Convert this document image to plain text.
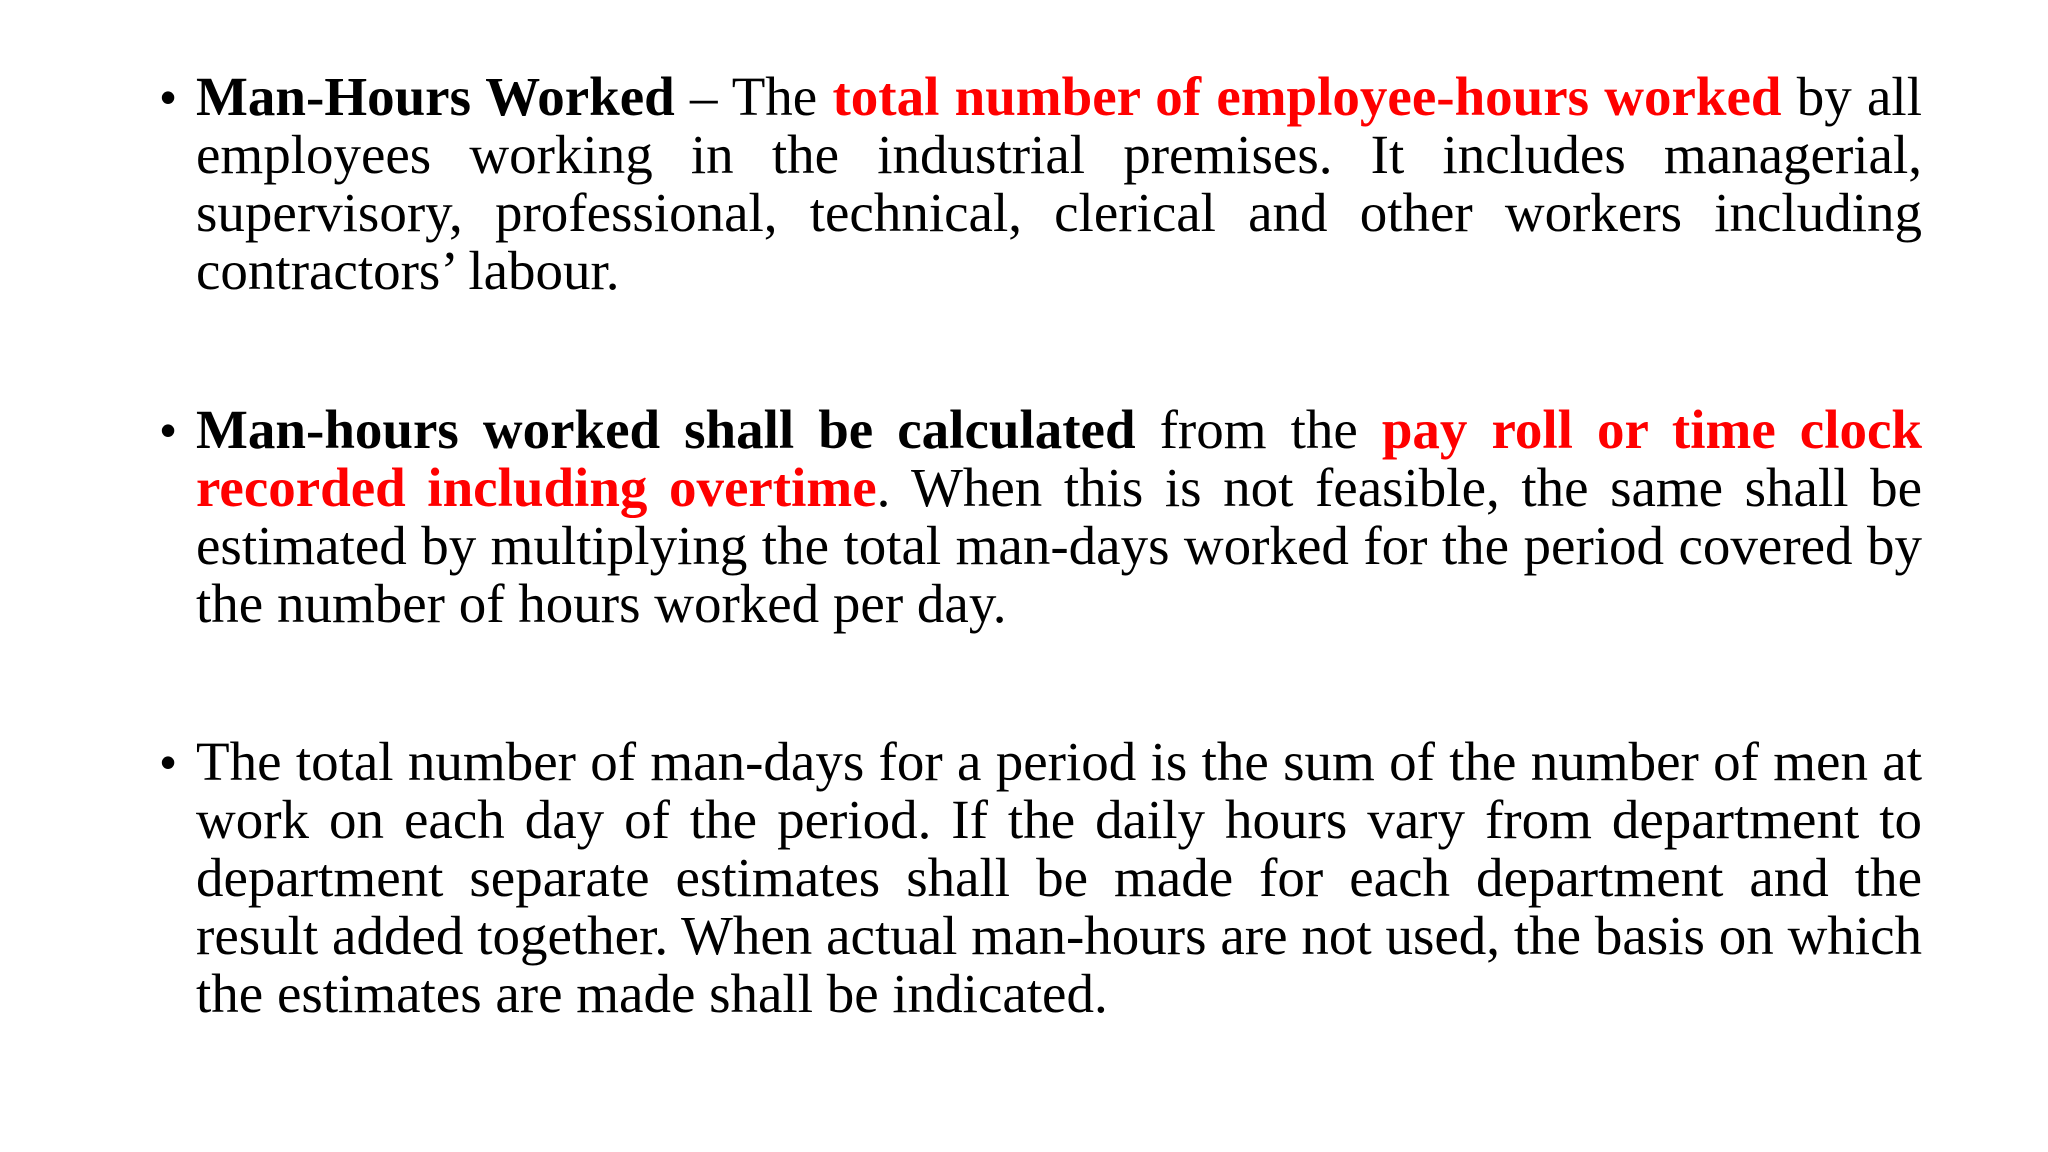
• Man-Hours Worked – The total number of employee-hours worked by all employees working in the industrial premises. It includes managerial, supervisory, professional, technical, clerical and other workers including contractors’ labour.
• Man-hours worked shall be calculated from the pay roll or time clock recorded including overtime. When this is not feasible, the same shall be estimated by multiplying the total man-days worked for the period covered by the number of hours worked per day.
• The total number of man-days for a period is the sum of the number of men at work on each day of the period. If the daily hours vary from department to department separate estimates shall be made for each department and the result added together. When actual man-hours are not used, the basis on which the estimates are made shall be indicated.
